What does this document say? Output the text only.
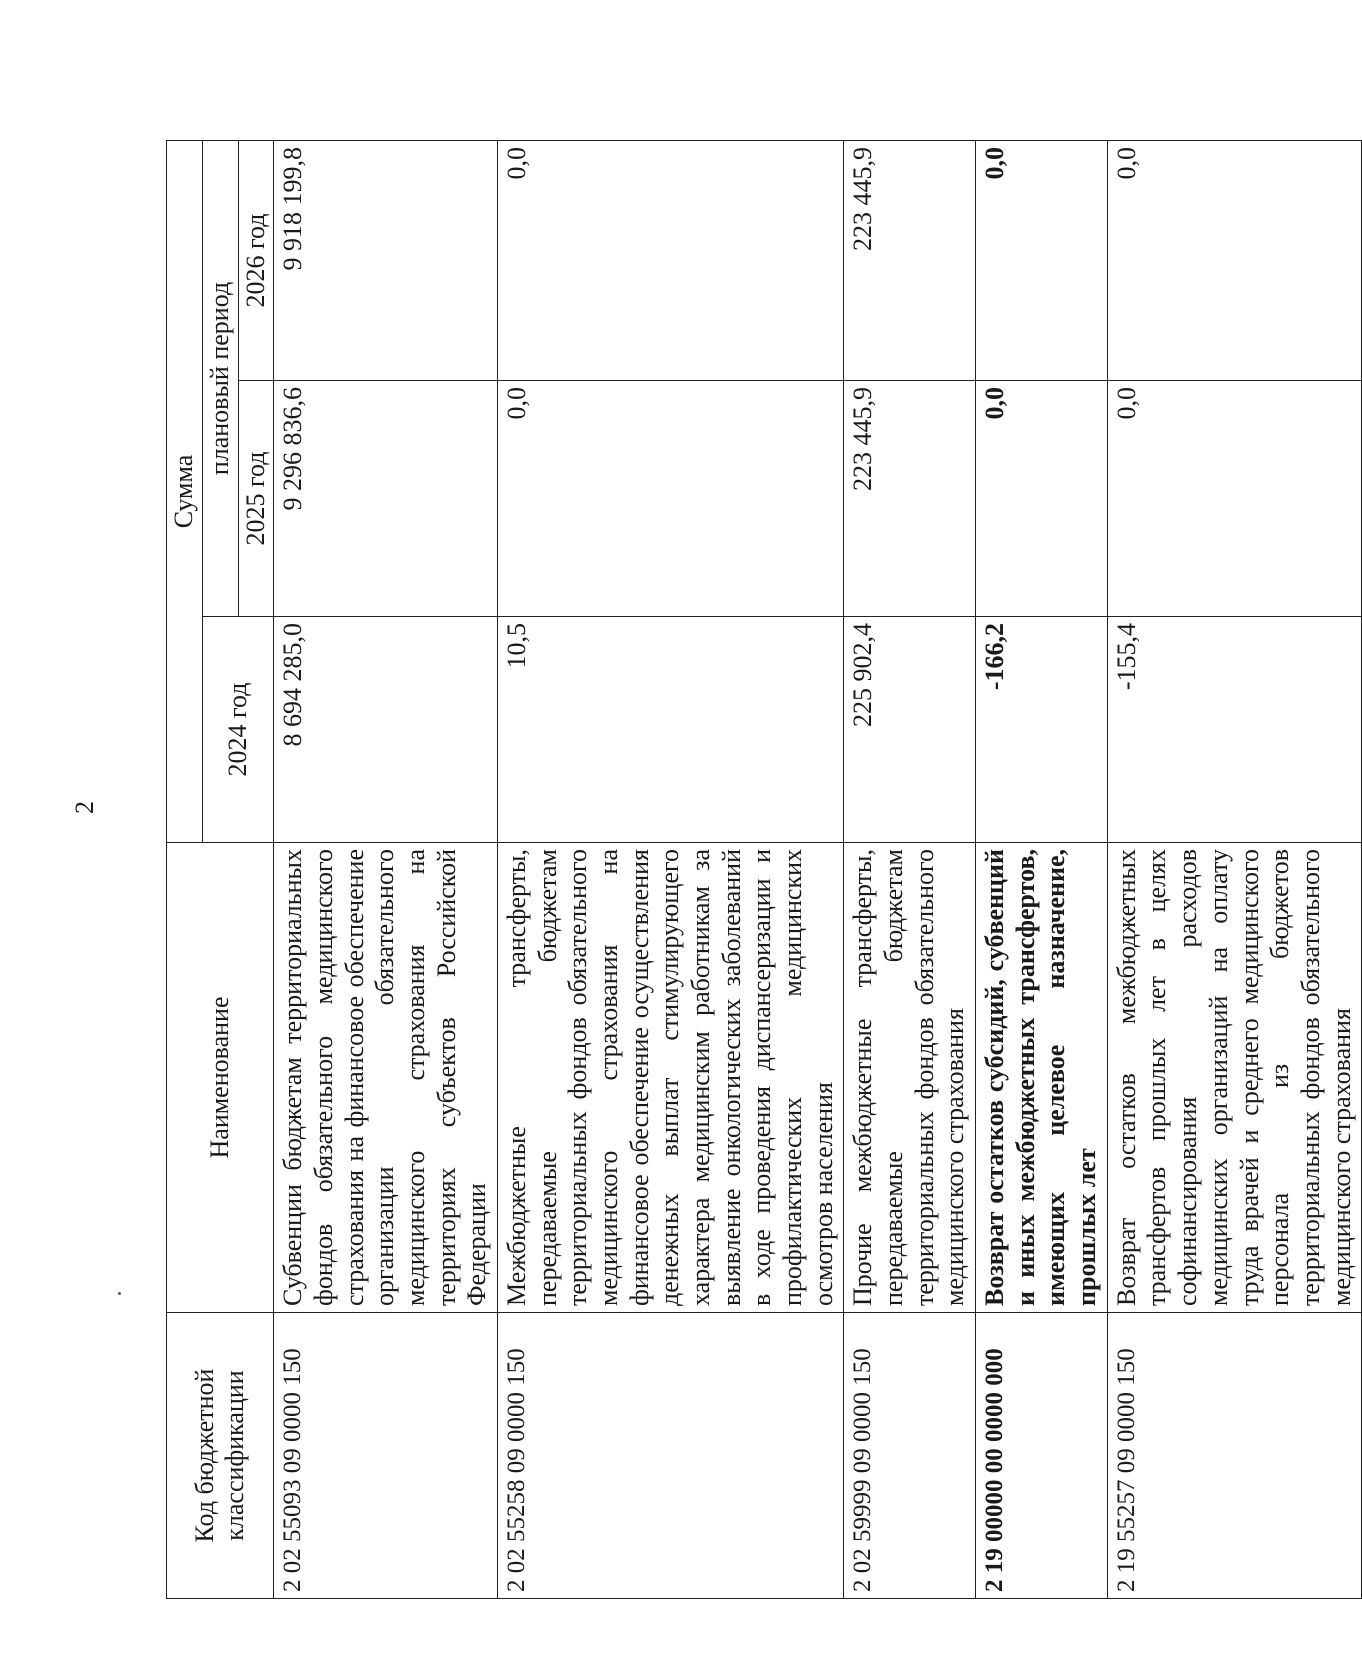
2
Код бюджетной классификации	Наименование	Сумма		
		2024 год	плановый период	
			2025 год	2026 год
2 02 55093 09 0000 150	Субвенции бюджетам территориальных фондов обязательного медицинского страхования на финансовое обеспечение организации обязательного медицинского страхования на территориях субъектов Российской Федерации	8 694 285,0	9 296 836,6	9 918 199,8
2 02 55258 09 0000 150	Межбюджетные трансферты, передаваемые бюджетам территориальных фондов обязательного медицинского страхования на финансовое обеспечение осуществления денежных выплат стимулирующего характера медицинским работникам за выявление онкологических заболеваний в ходе проведения диспансеризации и профилактических медицинских осмотров населения	10,5	0,0	0,0
2 02 59999 09 0000 150	Прочие межбюджетные трансферты, передаваемые бюджетам территориальных фондов обязательного медицинского страхования	225 902,4	223 445,9	223 445,9
2 19 00000 00 0000 000	Возврат остатков субсидий, субвенций и иных межбюджетных трансфертов, имеющих целевое назначение, прошлых лет	-166,2	0,0	0,0
2 19 55257 09 0000 150	Возврат остатков межбюджетных трансфертов прошлых лет в целях софинансирования расходов медицинских организаций на оплату труда врачей и среднего медицинского персонала из бюджетов территориальных фондов обязательного медицинского страхования	-155,4	0,0	0,0
